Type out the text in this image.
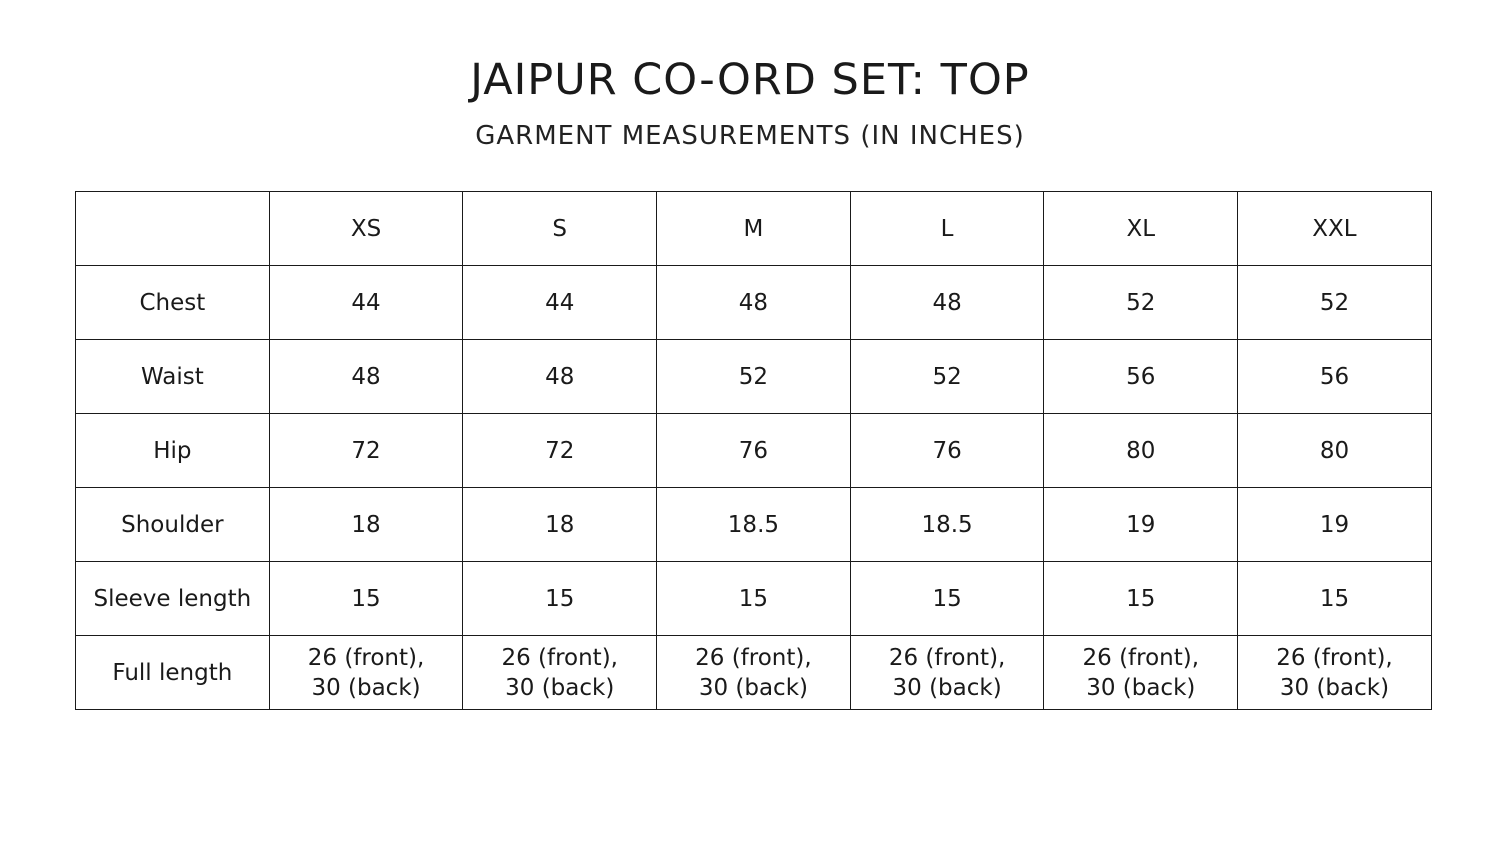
JAIPUR CO-ORD SET: TOP
GARMENT MEASUREMENTS (IN INCHES)
	XS	S	M	L	XL	XXL
Chest	44	44	48	48	52	52
Waist	48	48	52	52	56	56
Hip	72	72	76	76	80	80
Shoulder	18	18	18.5	18.5	19	19
Sleeve length	15	15	15	15	15	15
Full length	26 (front),
30 (back)	26 (front),
30 (back)	26 (front),
30 (back)	26 (front),
30 (back)	26 (front),
30 (back)	26 (front),
30 (back)
